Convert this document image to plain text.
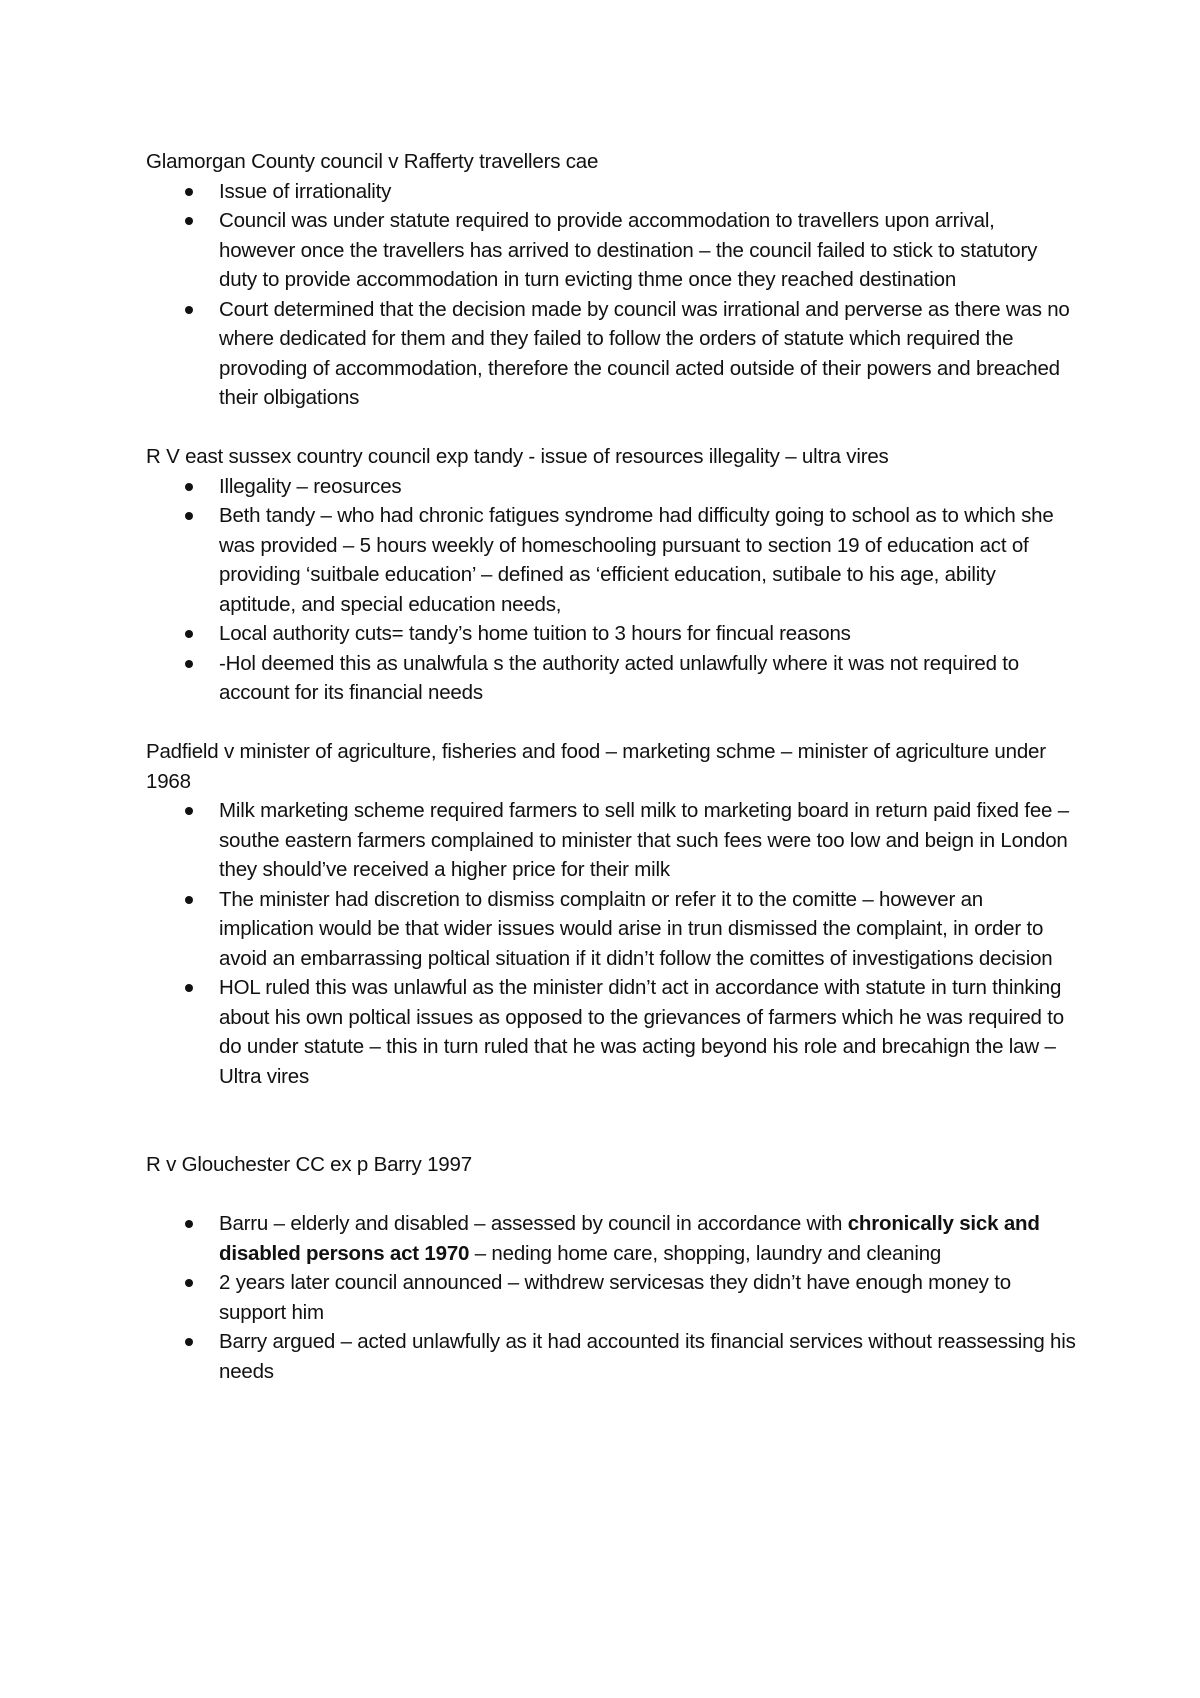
Glamorgan County council v Rafferty travellers cae

Issue of irrationality
Council was under statute required to provide accommodation to travellers upon arrival, however once the travellers has arrived to destination – the council failed to stick to statutory duty to provide accommodation in turn evicting thme once they reached destination
Court determined that the decision made by council was irrational and perverse as there was no where dedicated for them and they failed to follow the orders of statute which required the provoding of accommodation, therefore the council acted outside of their powers and breached their olbigations

R V east sussex country council exp tandy - issue of resources illegality – ultra vires

Illegality – reosurces
Beth tandy – who had chronic fatigues syndrome had difficulty going to school as to which she was provided – 5 hours weekly of homeschooling pursuant to section 19 of education act of providing ‘suitbale education’ – defined as ‘efficient education, sutibale to his age, ability aptitude, and special education needs,
Local authority cuts= tandy’s home tuition to 3 hours for fincual reasons
-Hol deemed this as unalwfula s the authority acted unlawfully where it was not required to account for its financial needs

Padfield v minister of agriculture, fisheries and food – marketing schme – minister of agriculture under
1968

Milk marketing scheme required farmers to sell milk to marketing board in return paid fixed fee – southe eastern farmers complained to minister that such fees were too low and beign in London they should’ve received a higher price for their milk
The minister had discretion to dismiss complaitn or refer it to the comitte – however an implication would be that wider issues would arise in trun dismissed the complaint, in order to avoid an embarrassing poltical situation if it didn’t follow the comittes of investigations decision
HOL ruled this was unlawful as the minister didn’t act in accordance with statute in turn thinking about his own poltical issues as opposed to the grievances of farmers which he was required to do under statute – this in turn ruled that he was acting beyond his role and brecahign the law – Ultra vires

R v Glouchester CC ex p Barry 1997

Barru – elderly and disabled – assessed by council in accordance with chronically sick and disabled persons act 1970 – neding home care, shopping, laundry and cleaning
2 years later council announced – withdrew servicesas they didn’t have enough money to support him
Barry argued – acted unlawfully as it had accounted its financial services without reassessing his needs
